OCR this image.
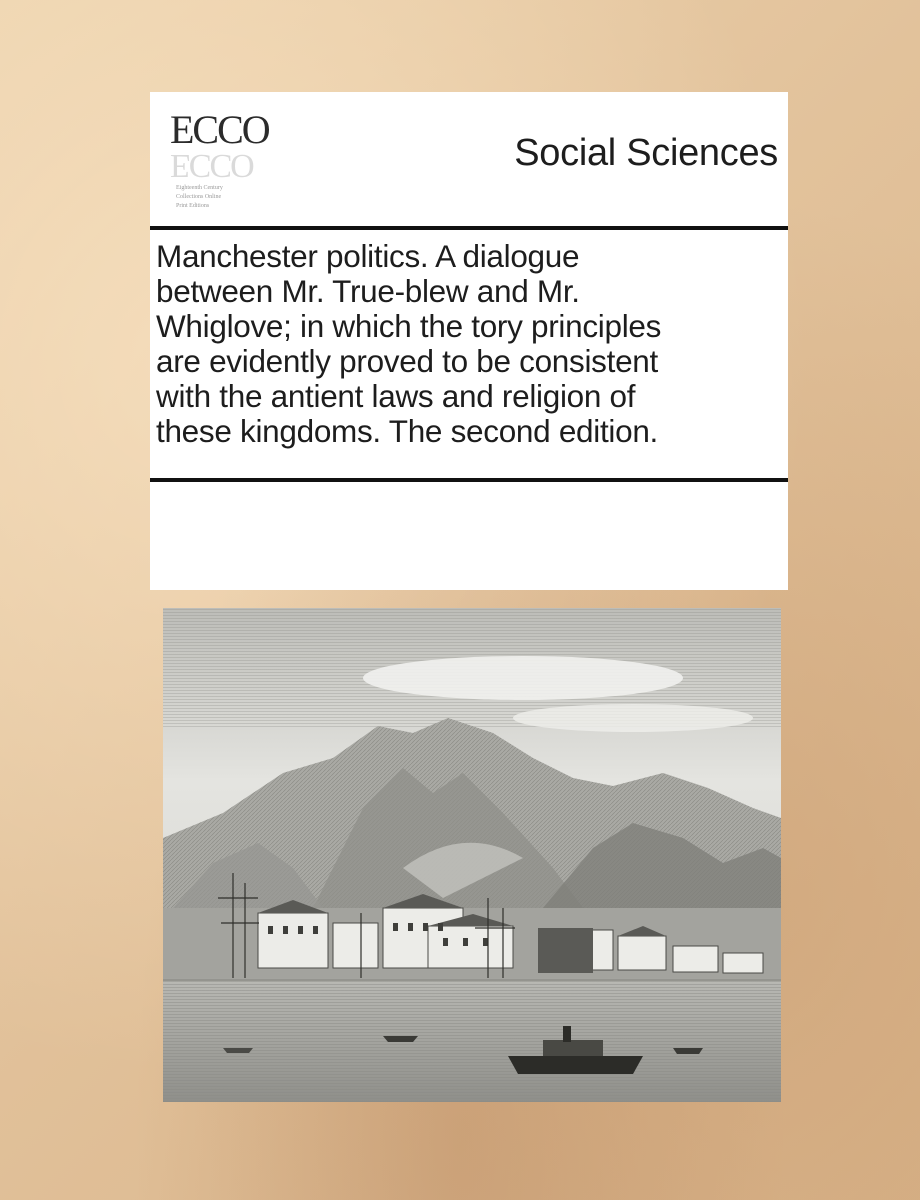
ECCO
ECCO
Eighteenth Century
Collections Online
Print Editions
Social Sciences
Manchester politics. A dialogue
between Mr. True-blew and Mr.
Whiglove; in which the tory principles
are evidently proved to be consistent
with the antient laws and religion of
these kingdoms. The second edition.
